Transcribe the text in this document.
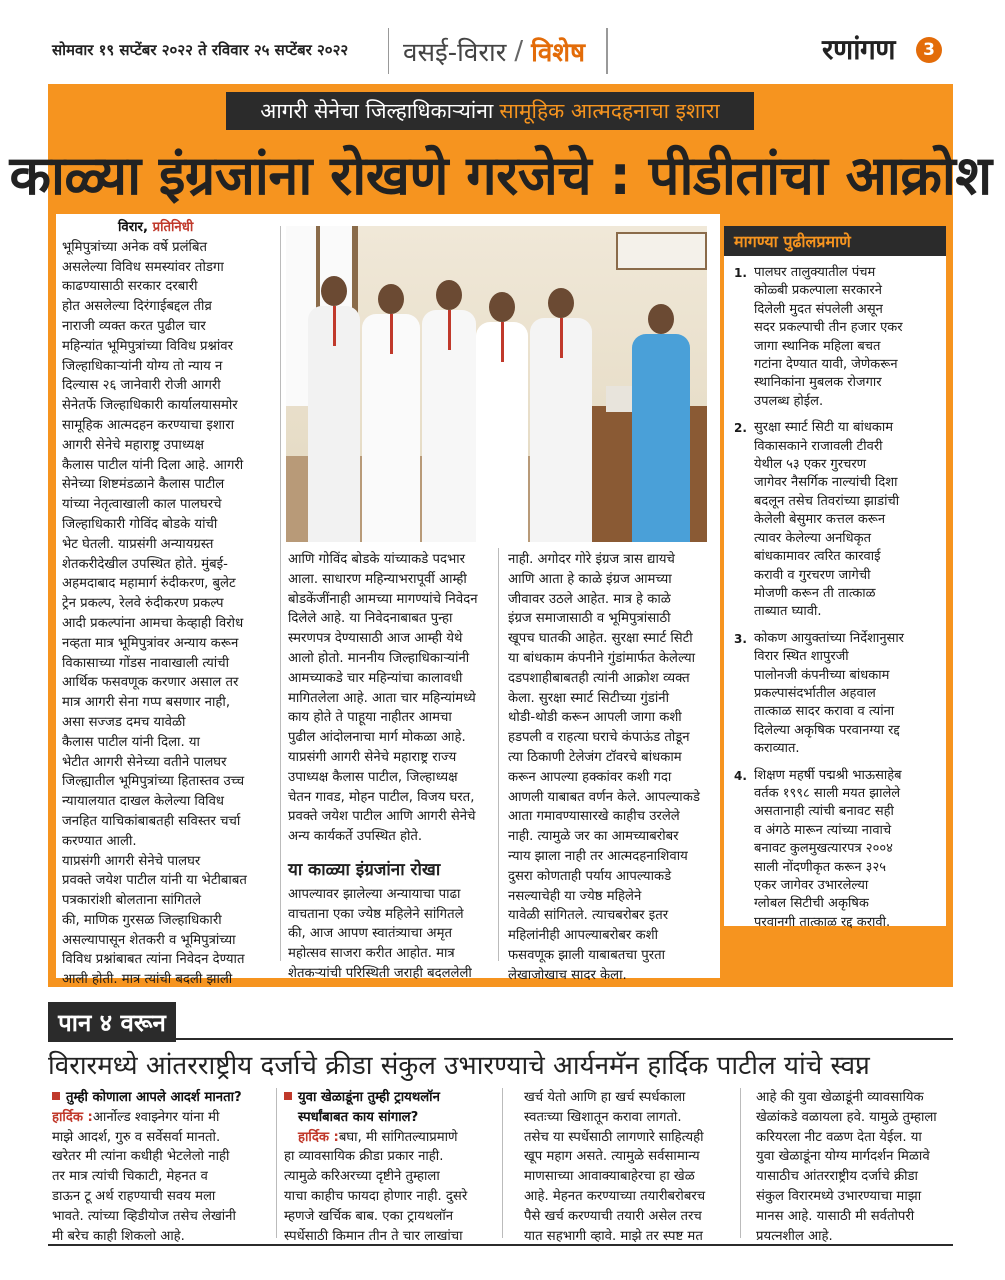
सोमवार १९ सप्टेंबर २०२२ ते रविवार २५ सप्टेंबर २०२२ वसई-विरार / विशेष	रणांगण	3
आगरी सेनेचा जिल्हाधिकाऱ्यांना सामूहिक आत्मदहनाचा इशारा
काळ्या इंग्रजांना रोखणे गरजेचे : पीडीतांचा आक्रोश
मागण्या पुढीलप्रमाणे
1. पालघर तालुक्यातील पंचम
कोळ्बी प्रकल्पाला सरकारने
दिलेली मुदत संपलेली असून
सदर प्रकल्पाची तीन हजार एकर
जागा स्थानिक महिला बचत
गटांना देण्यात यावी, जेणेकरून
स्थानिकांना मुबलक रोजगार
उपलब्ध होईल.
2. सुरक्षा स्मार्ट सिटी या बांधकाम
विकासकाने राजावली टीवरी
येथील ५३ एकर गुरचरण
जागेवर नैसर्गिक नाल्यांची दिशा
बदलून तसेच तिवरांच्या झाडांची
केलेली बेसुमार कत्तल करून
त्यावर केलेल्या अनधिकृत
बांधकामावर त्वरित कारवाई
करावी व गुरचरण जागेची
मोजणी करून ती तात्काळ
ताब्यात घ्यावी.
3. कोकण आयुक्तांच्या निर्देशानुसार
विरार स्थित शापुरजी
पालोनजी कंपनीच्या बांधकाम
प्रकल्पासंदर्भातील अहवाल
तात्काळ सादर करावा व त्यांना
दिलेल्या अकृषिक परवानग्या रद्द
कराव्यात.
4. शिक्षण महर्षी पद्मश्री भाऊसाहेब
वर्तक १९९८ साली मयत झालेले
असतानाही त्यांची बनावट सही
व अंगठे मारून त्यांच्या नावाचे
बनावट कुलमुखत्यारपत्र २००४
साली नोंदणीकृत करून ३२५
एकर जागेवर उभारलेल्या
ग्लोबल सिटीची अकृषिक
परवानगी तात्काळ रद्द करावी.
विरार, प्रतिनिधी
भूमिपुत्रांच्या अनेक वर्षे प्रलंबित
असलेल्या विविध समस्यांवर तोडगा
काढण्यासाठी सरकार दरबारी
होत असलेल्या दिरंगाईबद्दल तीव्र
नाराजी व्यक्त करत पुढील चार
महिन्यांत भूमिपुत्रांच्या विविध प्रश्नांवर
जिल्हाधिकाऱ्यांनी योग्य तो न्याय न
दिल्यास २६ जानेवारी रोजी आगरी
सेनेतर्फे जिल्हाधिकारी कार्यालयासमोर
सामूहिक आत्मदहन करण्याचा इशारा
आगरी सेनेचे महाराष्ट्र उपाध्यक्ष
कैलास पाटील यांनी दिला आहे. आगरी
सेनेच्या शिष्टमंडळाने कैलास पाटील
यांच्या नेतृत्वाखाली काल पालघरचे
जिल्हाधिकारी गोविंद बोडके यांची
भेट घेतली. याप्रसंगी अन्यायग्रस्त
शेतकरीदेखील उपस्थित होते. मुंबई-
अहमदाबाद महामार्ग रुंदीकरण, बुलेट
ट्रेन प्रकल्प, रेलवे रुंदीकरण प्रकल्प
आदी प्रकल्पांना आमचा केव्हाही विरोध
नव्हता मात्र भूमिपुत्रांवर अन्याय करून
विकासाच्या गोंडस नावाखाली त्यांची
आर्थिक फसवणूक करणार असाल तर
मात्र आगरी सेना गप्प बसणार नाही,
असा सज्जड दमच यावेळी
कैलास पाटील यांनी दिला. या
भेटीत आगरी सेनेच्या वतीने पालघर
जिल्ह्यातील भूमिपुत्रांच्या हितास्तव उच्च
न्यायालयात दाखल केलेल्या विविध
जनहित याचिकांबाबतही सविस्तर चर्चा
करण्यात आली.
याप्रसंगी आगरी सेनेचे पालघर
प्रवक्ते जयेश पाटील यांनी या भेटीबाबत
पत्रकारांशी बोलताना सांगितले
की, माणिक गुरसळ जिल्हाधिकारी
असल्यापासून शेतकरी व भूमिपुत्रांच्या
विविध प्रश्नांबाबत त्यांना निवेदन देण्यात
आली होती. मात्र त्यांची बदली झाली
आणि गोविंद बोडके यांच्याकडे पदभार
आला. साधारण महिन्याभरापूर्वी आम्ही
बोडकेंजींनाही आमच्या मागण्यांचे निवेदन
दिलेले आहे. या निवेदनाबाबत पुन्हा
स्मरणपत्र देण्यासाठी आज आम्ही येथे
आलो होतो. माननीय जिल्हाधिकाऱ्यांनी
आमच्याकडे चार महिन्यांचा कालावधी
मागितलेला आहे. आता चार महिन्यांमध्ये
काय होते ते पाहूया नाहीतर आमचा
पुढील आंदोलनाचा मार्ग मोकळा आहे.
याप्रसंगी आगरी सेनेचे महाराष्ट्र राज्य
उपाध्यक्ष कैलास पाटील, जिल्हाध्यक्ष
चेतन गावड, मोहन पाटील, विजय घरत,
प्रवक्ते जयेश पाटील आणि आगरी सेनेचे
अन्य कार्यकर्ते उपस्थित होते.
या काळ्या इंग्रजांना रोखा
आपल्यावर झालेल्या अन्यायाचा पाढा
वाचताना एका ज्येष्ठ महिलेने सांगितले
की, आज आपण स्वातंत्र्याचा अमृत
महोत्सव साजरा करीत आहोत. मात्र
शेतकऱ्यांची परिस्थिती जराही बदललेली
नाही. अगोदर गोरे इंग्रज त्रास द्यायचे
आणि आता हे काळे इंग्रज आमच्या
जीवावर उठले आहेत. मात्र हे काळे
इंग्रज समाजासाठी व भूमिपुत्रांसाठी
खूपच घातकी आहेत. सुरक्षा स्मार्ट सिटी
या बांधकाम कंपनीने गुंडांमार्फत केलेल्या
दडपशाहीबाबतही त्यांनी आक्रोश व्यक्त
केला. सुरक्षा स्मार्ट सिटीच्या गुंडांनी
थोडी-थोडी करून आपली जागा कशी
हडपली व राहत्या घराचे कंपाऊंड तोडून
त्या ठिकाणी टेलेजंग टॉवरचे बांधकाम
करून आपल्या हक्कांवर कशी गदा
आणली याबाबत वर्णन केले. आपल्याकडे
आता गमावण्यासारखे काहीच उरलेले
नाही. त्यामुळे जर का आमच्याबरोबर
न्याय झाला नाही तर आत्मदहनाशिवाय
दुसरा कोणताही पर्याय आपल्याकडे
नसल्याचेही या ज्येष्ठ महिलेने
यावेळी सांगितले. त्याचबरोबर इतर
महिलांनीही आपल्याबरोबर कशी
फसवणूक झाली याबाबतचा पुरता
लेखाजोखाच सादर केला.
पान ४ वरून
विरारमध्ये आंतरराष्ट्रीय दर्जाचे क्रीडा संकुल उभारण्याचे आर्यनमॅन हार्दिक पाटील यांचे स्वप्न
तुम्ही कोणाला आपले आदर्श मानता?
हार्दिक :आर्नोल्ड श्वाझ्नेगर यांना मी
माझे आदर्श, गुरु व सर्वेसर्वा मानतो.
खरेतर मी त्यांना कधीही भेटलेलो नाही
तर मात्र त्यांची चिकाटी, मेहनत व
डाऊन टू अर्थ राहण्याची सवय मला
भावते. त्यांच्या व्हिडीयोज तसेच लेखांनी
मी बरेच काही शिकलो आहे.
युवा खेळाडूंना तुम्ही ट्रायथलॉन
स्पर्धांबाबत काय सांगाल?
हार्दिक :बघा, मी सांगितल्याप्रमाणे
हा व्यावसायिक क्रीडा प्रकार नाही.
त्यामुळे करिअरच्या दृष्टीने तुम्हाला
याचा काहीच फायदा होणार नाही. दुसरे
म्हणजे खर्चिक बाब. एका ट्रायथलॉन
स्पर्धेसाठी किमान तीन ते चार लाखांचा
खर्च येतो आणि हा खर्च स्पर्धकाला
स्वतःच्या खिशातून करावा लागतो.
तसेच या स्पर्धेसाठी लागणारे साहित्यही
खूप महाग असते. त्यामुळे सर्वसामान्य
माणसाच्या आवाक्याबाहेरचा हा खेळ
आहे. मेहनत करण्याच्या तयारीबरोबरच
पैसे खर्च करण्याची तयारी असेल तरच
यात सहभागी व्हावे. माझे तर स्पष्ट मत
आहे की युवा खेळाडूंनी व्यावसायिक
खेळांकडे वळायला हवे. यामुळे तुम्हाला
करियरला नीट वळण देता येईल. या
युवा खेळाडूंना योग्य मार्गदर्शन मिळावे
यासाठीच आंतरराष्ट्रीय दर्जाचे क्रीडा
संकुल विरारमध्ये उभारण्याचा माझा
मानस आहे. यासाठी मी सर्वतोपरी
प्रयत्नशील आहे.
